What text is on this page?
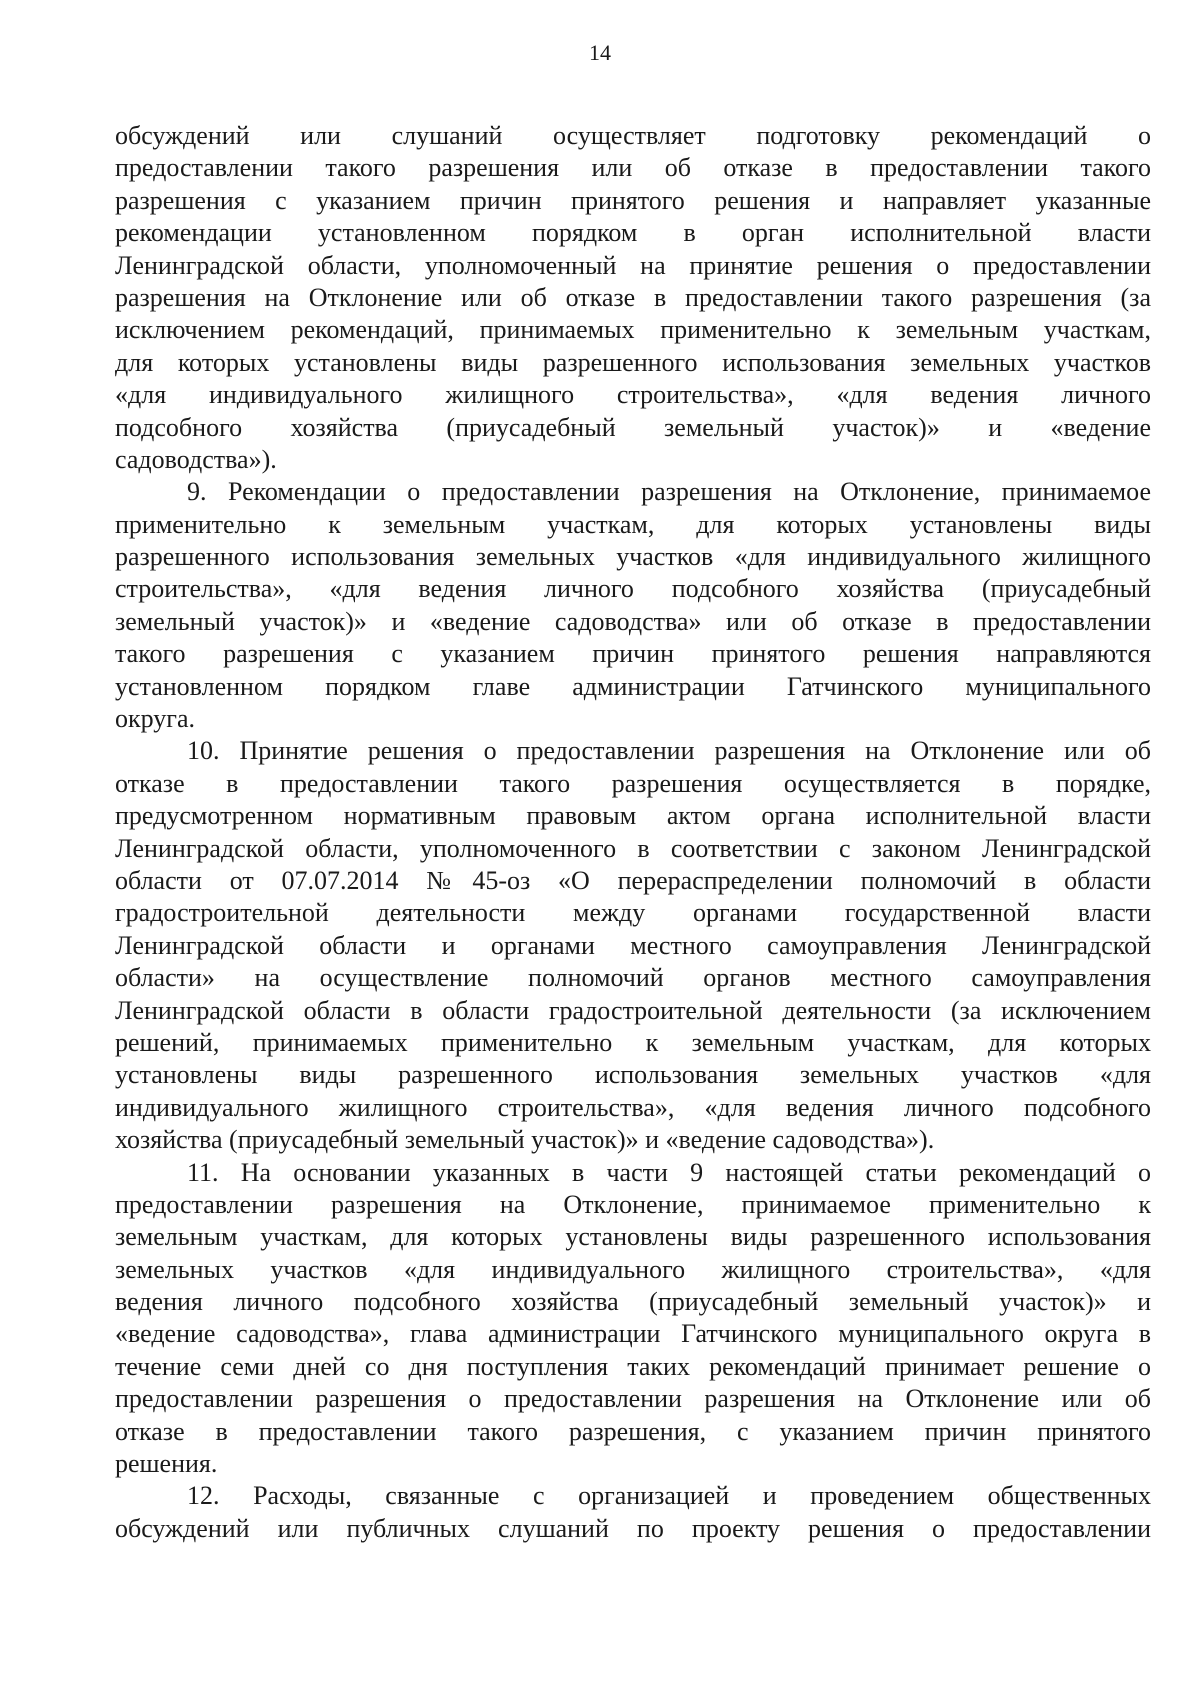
14
обсуждений или слушаний осуществляет подготовку рекомендаций о
предоставлении такого разрешения или об отказе в предоставлении такого
разрешения с указанием причин принятого решения и направляет указанные
рекомендации установленном порядком в орган исполнительной власти
Ленинградской области, уполномоченный на принятие решения о предоставлении
разрешения на Отклонение или об отказе в предоставлении такого разрешения (за
исключением рекомендаций, принимаемых применительно к земельным участкам,
для которых установлены виды разрешенного использования земельных участков
«для индивидуального жилищного строительства», «для ведения личного
подсобного хозяйства (приусадебный земельный участок)» и «ведение
садоводства»).
9. Рекомендации о предоставлении разрешения на Отклонение, принимаемое
применительно к земельным участкам, для которых установлены виды
разрешенного использования земельных участков «для индивидуального жилищного
строительства», «для ведения личного подсобного хозяйства (приусадебный
земельный участок)» и «ведение садоводства» или об отказе в предоставлении
такого разрешения с указанием причин принятого решения направляются
установленном порядком главе администрации Гатчинского муниципального
округа.
10. Принятие решения о предоставлении разрешения на Отклонение или об
отказе в предоставлении такого разрешения осуществляется в порядке,
предусмотренном нормативным правовым актом органа исполнительной власти
Ленинградской области, уполномоченного в соответствии с законом Ленинградской
области от 07.07.2014 №45-оз «О перераспределении полномочий в области
градостроительной деятельности между органами государственной власти
Ленинградской области и органами местного самоуправления Ленинградской
области» на осуществление полномочий органов местного самоуправления
Ленинградской области в области градостроительной деятельности (за исключением
решений, принимаемых применительно к земельным участкам, для которых
установлены виды разрешенного использования земельных участков «для
индивидуального жилищного строительства», «для ведения личного подсобного
хозяйства (приусадебный земельный участок)» и «ведение садоводства»).
11. На основании указанных в части 9 настоящей статьи рекомендаций о
предоставлении разрешения на Отклонение, принимаемое применительно к
земельным участкам, для которых установлены виды разрешенного использования
земельных участков «для индивидуального жилищного строительства», «для
ведения личного подсобного хозяйства (приусадебный земельный участок)» и
«ведение садоводства», глава администрации Гатчинского муниципального округа в
течение семи дней со дня поступления таких рекомендаций принимает решение о
предоставлении разрешения о предоставлении разрешения на Отклонение или об
отказе в предоставлении такого разрешения, с указанием причин принятого
решения.
12. Расходы, связанные с организацией и проведением общественных
обсуждений или публичных слушаний по проекту решения о предоставлении
